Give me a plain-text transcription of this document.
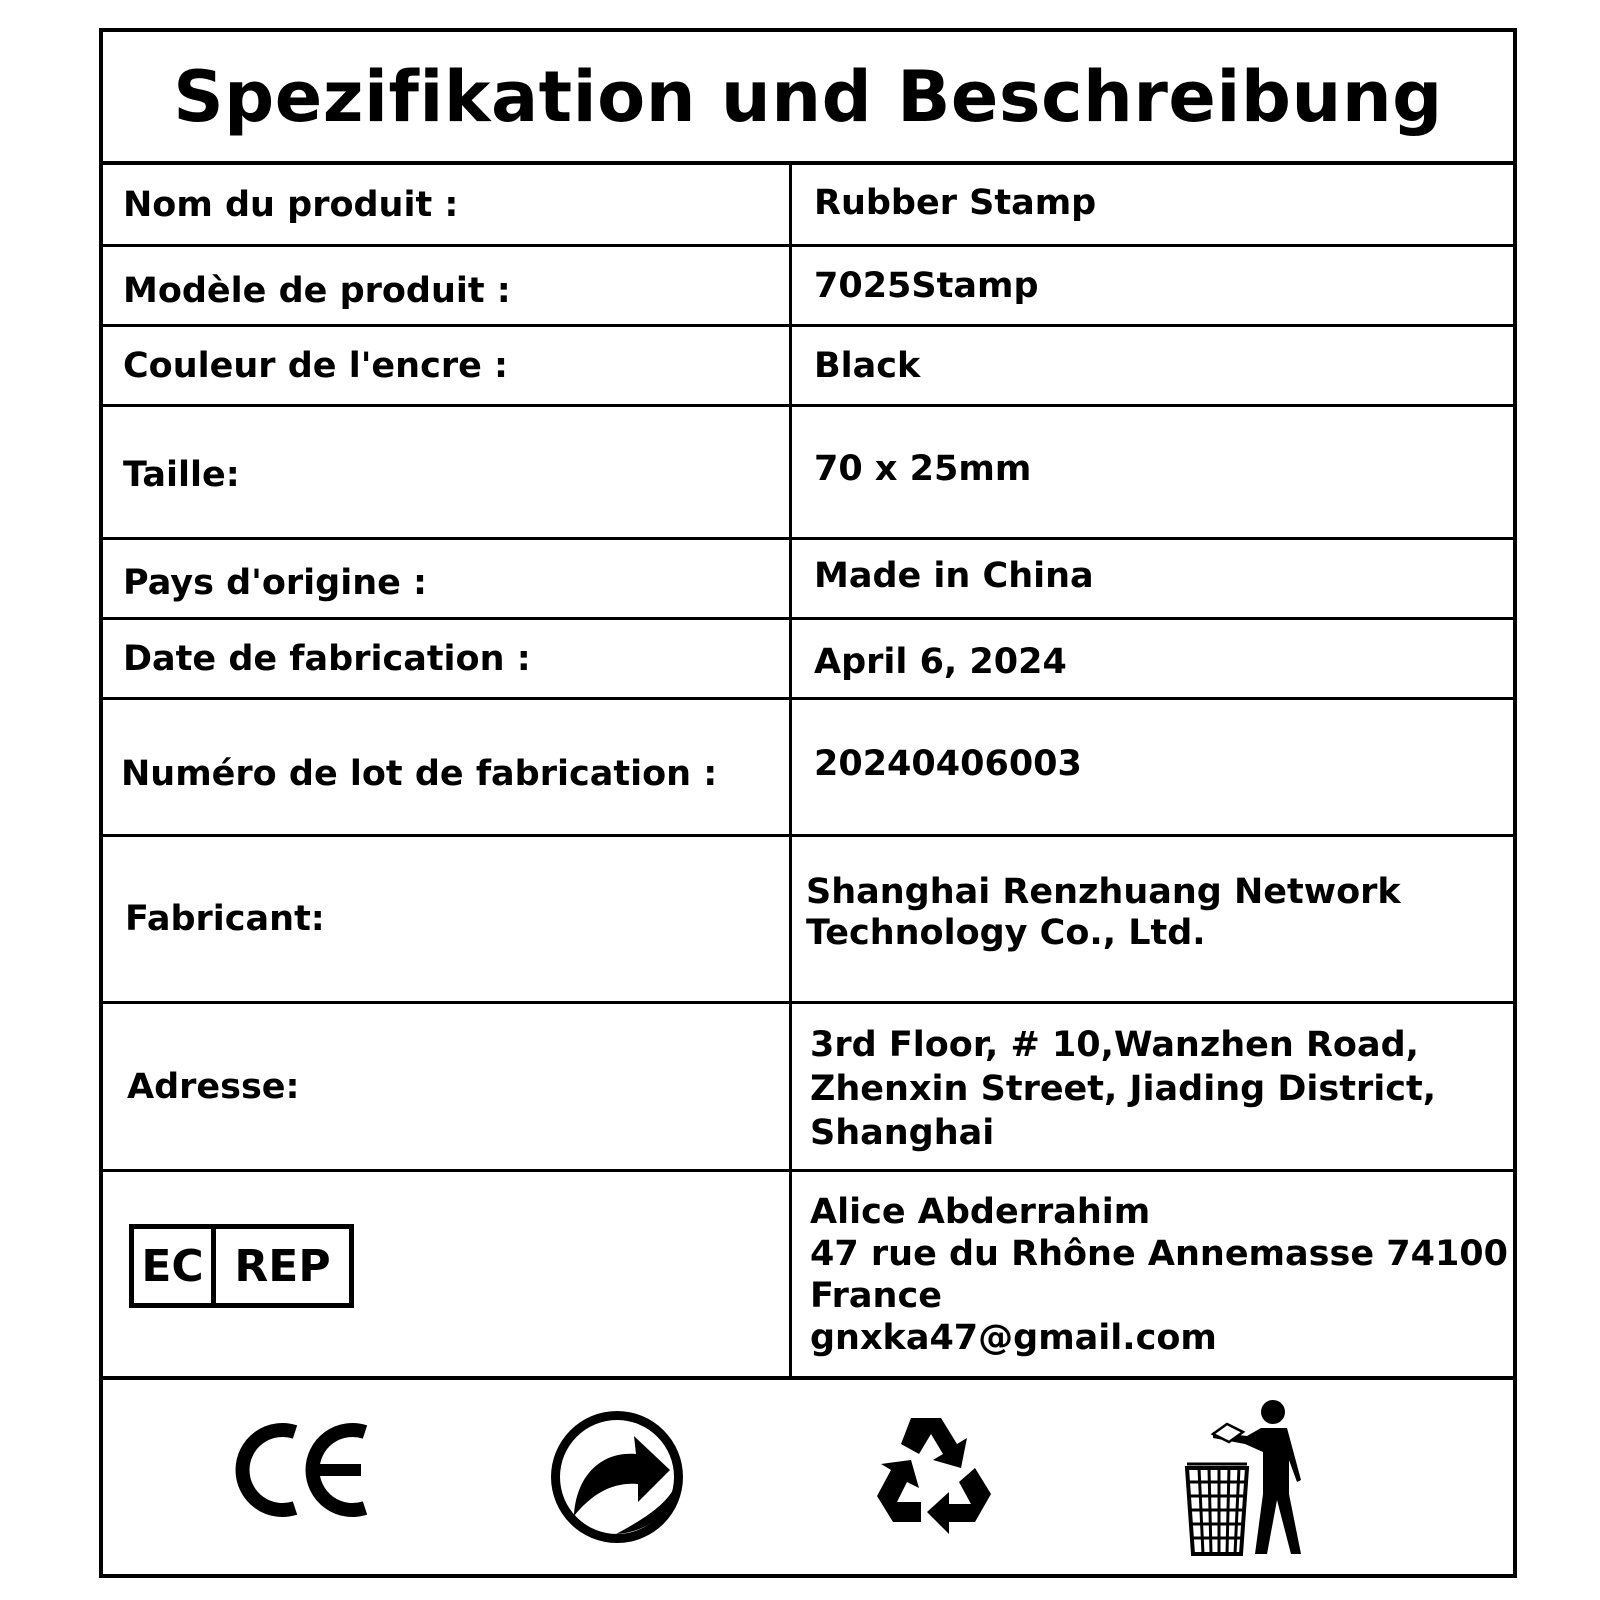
Spezifikation und Beschreibung
Nom du produit :	Rubber Stamp
Modèle de produit :	7025Stamp
Couleur de l'encre :	Black
Taille:	70 x 25mm
Pays d'origine :	Made in China
Date de fabrication :	April 6, 2024
Numéro de lot de fabrication :	20240406003
Fabricant:
Shanghai Renzhuang Network
Technology Co., Ltd.
Adresse:
3rd Floor, # 10,Wanzhen Road,
Zhenxin Street, Jiading District,
Shanghai
EC REP
Alice Abderrahim
47 rue du Rhône Annemasse 74100
France
gnxka47@gmail.com
